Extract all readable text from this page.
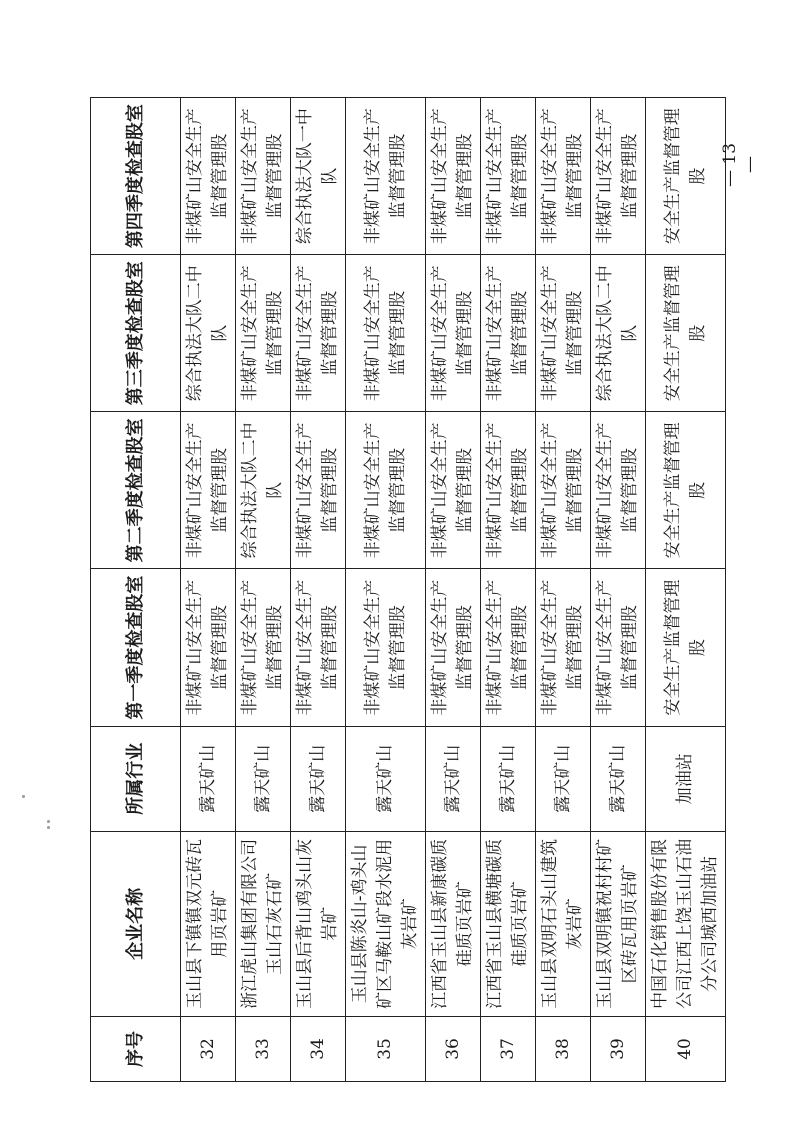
序号	企业名称	所属行业	第一季度检查股室	第二季度检查股室	第三季度检查股室	第四季度检查股室
32	玉山县下镇镇双元砖瓦用页岩矿	露天矿山	非煤矿山安全生产监督管理股	非煤矿山安全生产监督管理股	综合执法大队二中队	非煤矿山安全生产监督管理股
33	浙江虎山集团有限公司玉山石灰石矿	露天矿山	非煤矿山安全生产监督管理股	综合执法大队二中队	非煤矿山安全生产监督管理股	非煤矿山安全生产监督管理股
34	玉山县后背山鸡头山灰岩矿	露天矿山	非煤矿山安全生产监督管理股	非煤矿山安全生产监督管理股	非煤矿山安全生产监督管理股	综合执法大队一中队
35	玉山县陈炎山-鸡头山矿区马鞍山矿段水泥用灰岩矿	露天矿山	非煤矿山安全生产监督管理股	非煤矿山安全生产监督管理股	非煤矿山安全生产监督管理股	非煤矿山安全生产监督管理股
36	江西省玉山县新康碳质硅质页岩矿	露天矿山	非煤矿山安全生产监督管理股	非煤矿山安全生产监督管理股	非煤矿山安全生产监督管理股	非煤矿山安全生产监督管理股
37	江西省玉山县横塘碳质硅质页岩矿	露天矿山	非煤矿山安全生产监督管理股	非煤矿山安全生产监督管理股	非煤矿山安全生产监督管理股	非煤矿山安全生产监督管理股
38	玉山县双明石头山建筑灰岩矿	露天矿山	非煤矿山安全生产监督管理股	非煤矿山安全生产监督管理股	非煤矿山安全生产监督管理股	非煤矿山安全生产监督管理股
39	玉山县双明镇祝村村矿区砖瓦用页岩矿	露天矿山	非煤矿山安全生产监督管理股	非煤矿山安全生产监督管理股	综合执法大队二中队	非煤矿山安全生产监督管理股
40	中国石化销售股份有限公司江西上饶玉山石油分公司城西加油站	加油站	安全生产监督管理股	安全生产监督管理股	安全生产监督管理股	安全生产监督管理股 — 13 —
